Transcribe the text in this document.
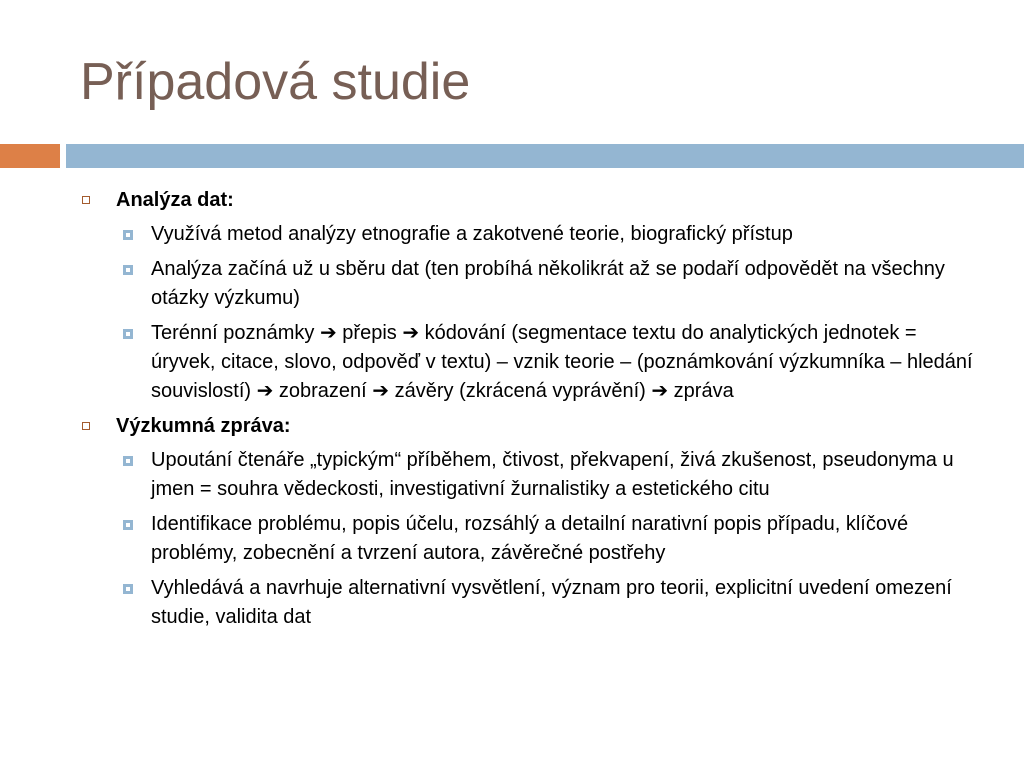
Případová studie
Analýza dat:
Využívá metod analýzy etnografie a zakotvené teorie, biografický přístup
Analýza začíná už u sběru dat (ten probíhá několikrát až se podaří odpovědět na všechny otázky výzkumu)
Terénní poznámky ➔ přepis ➔ kódování (segmentace textu do analytických jednotek = úryvek, citace, slovo, odpověď v textu) – vznik teorie – (poznámkování výzkumníka – hledání souvislostí) ➔ zobrazení ➔ závěry (zkrácená vyprávění) ➔ zpráva
Výzkumná zpráva:
Upoutání čtenáře „typickým“ příběhem, čtivost, překvapení, živá zkušenost, pseudonyma u jmen = souhra vědeckosti, investigativní žurnalistiky a estetického citu
Identifikace problému, popis účelu, rozsáhlý a detailní narativní popis případu, klíčové problémy, zobecnění a tvrzení autora, závěrečné postřehy
Vyhledává a navrhuje alternativní vysvětlení, význam pro teorii, explicitní uvedení omezení studie, validita dat
